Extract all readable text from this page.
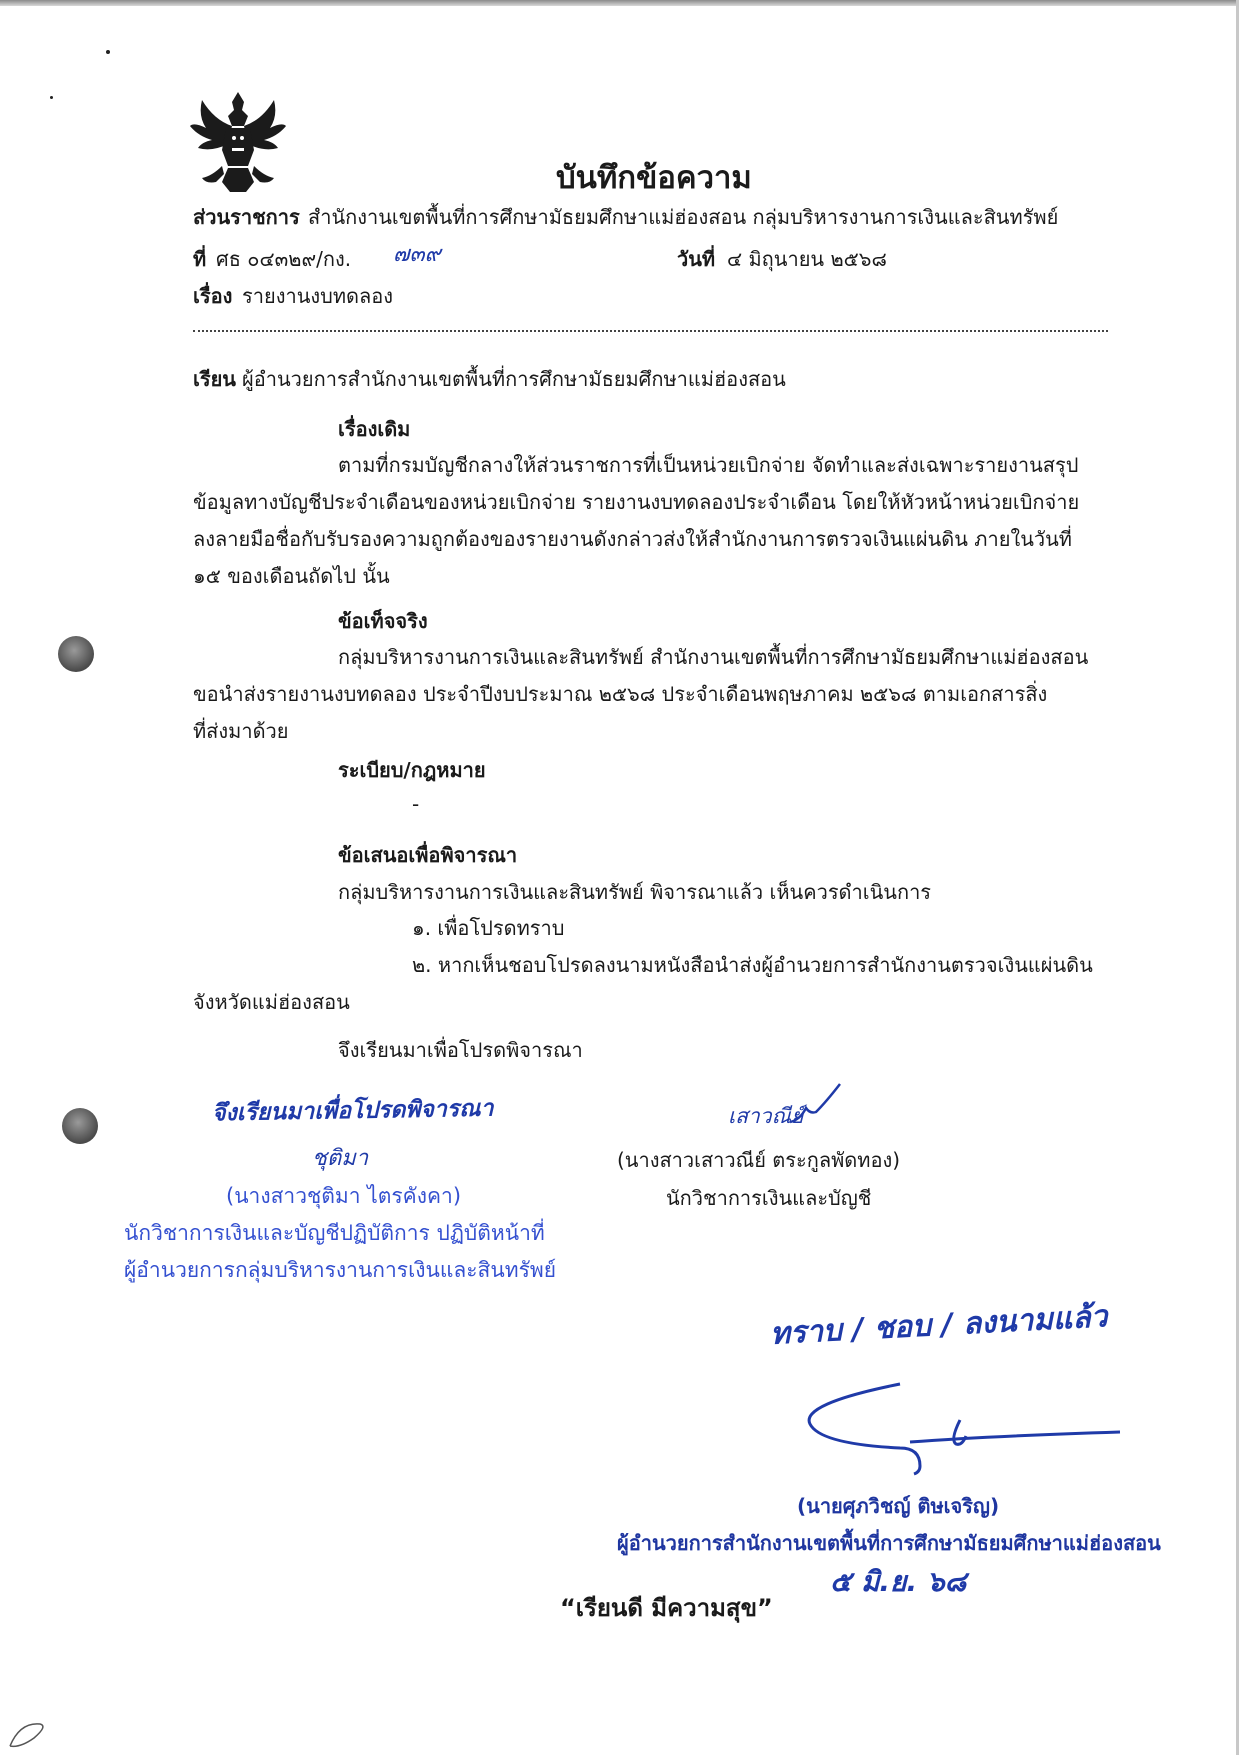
บันทึกข้อความ
ส่วนราชการ สำนักงานเขตพื้นที่การศึกษามัธยมศึกษาแม่ฮ่องสอน กลุ่มบริหารงานการเงินและสินทรัพย์
ที่ ศธ ๐๔๓๒๙/กง. ๗๓๙	วันที่ ๔ มิถุนายน ๒๕๖๘
เรื่อง รายงานงบทดลอง
เรียน ผู้อำนวยการสำนักงานเขตพื้นที่การศึกษามัธยมศึกษาแม่ฮ่องสอน
เรื่องเดิม
ตามที่กรมบัญชีกลางให้ส่วนราชการที่เป็นหน่วยเบิกจ่าย จัดทำและส่งเฉพาะรายงานสรุป
ข้อมูลทางบัญชีประจำเดือนของหน่วยเบิกจ่าย รายงานงบทดลองประจำเดือน โดยให้หัวหน้าหน่วยเบิกจ่าย
ลงลายมือชื่อกับรับรองความถูกต้องของรายงานดังกล่าวส่งให้สำนักงานการตรวจเงินแผ่นดิน ภายในวันที่
๑๕ ของเดือนถัดไป นั้น
ข้อเท็จจริง
กลุ่มบริหารงานการเงินและสินทรัพย์ สำนักงานเขตพื้นที่การศึกษามัธยมศึกษาแม่ฮ่องสอน
ขอนำส่งรายงานงบทดลอง ประจำปีงบประมาณ ๒๕๖๘ ประจำเดือนพฤษภาคม ๒๕๖๘ ตามเอกสารสิ่ง
ที่ส่งมาด้วย
ระเบียบ/กฎหมาย
-
ข้อเสนอเพื่อพิจารณา
กลุ่มบริหารงานการเงินและสินทรัพย์ พิจารณาแล้ว เห็นควรดำเนินการ
๑. เพื่อโปรดทราบ
๒. หากเห็นชอบโปรดลงนามหนังสือนำส่งผู้อำนวยการสำนักงานตรวจเงินแผ่นดิน
จังหวัดแม่ฮ่องสอน
จึงเรียนมาเพื่อโปรดพิจารณา
จึงเรียนมาเพื่อโปรดพิจารณา
ชุติมา
(นางสาวชุติมา ไตรคังคา)
นักวิชาการเงินและบัญชีปฏิบัติการ ปฏิบัติหน้าที่
ผู้อำนวยการกลุ่มบริหารงานการเงินและสินทรัพย์
เสาวณีย์
(นางสาวเสาวณีย์ ตระกูลพัดทอง)
นักวิชาการเงินและบัญชี
ทราบ / ชอบ / ลงนามแล้ว
(นายศุภวิชญ์ ติษเจริญ)
ผู้อำนวยการสำนักงานเขตพื้นที่การศึกษามัธยมศึกษาแม่ฮ่องสอน
๕ มิ.ย. ๖๘
“เรียนดี มีความสุข”
